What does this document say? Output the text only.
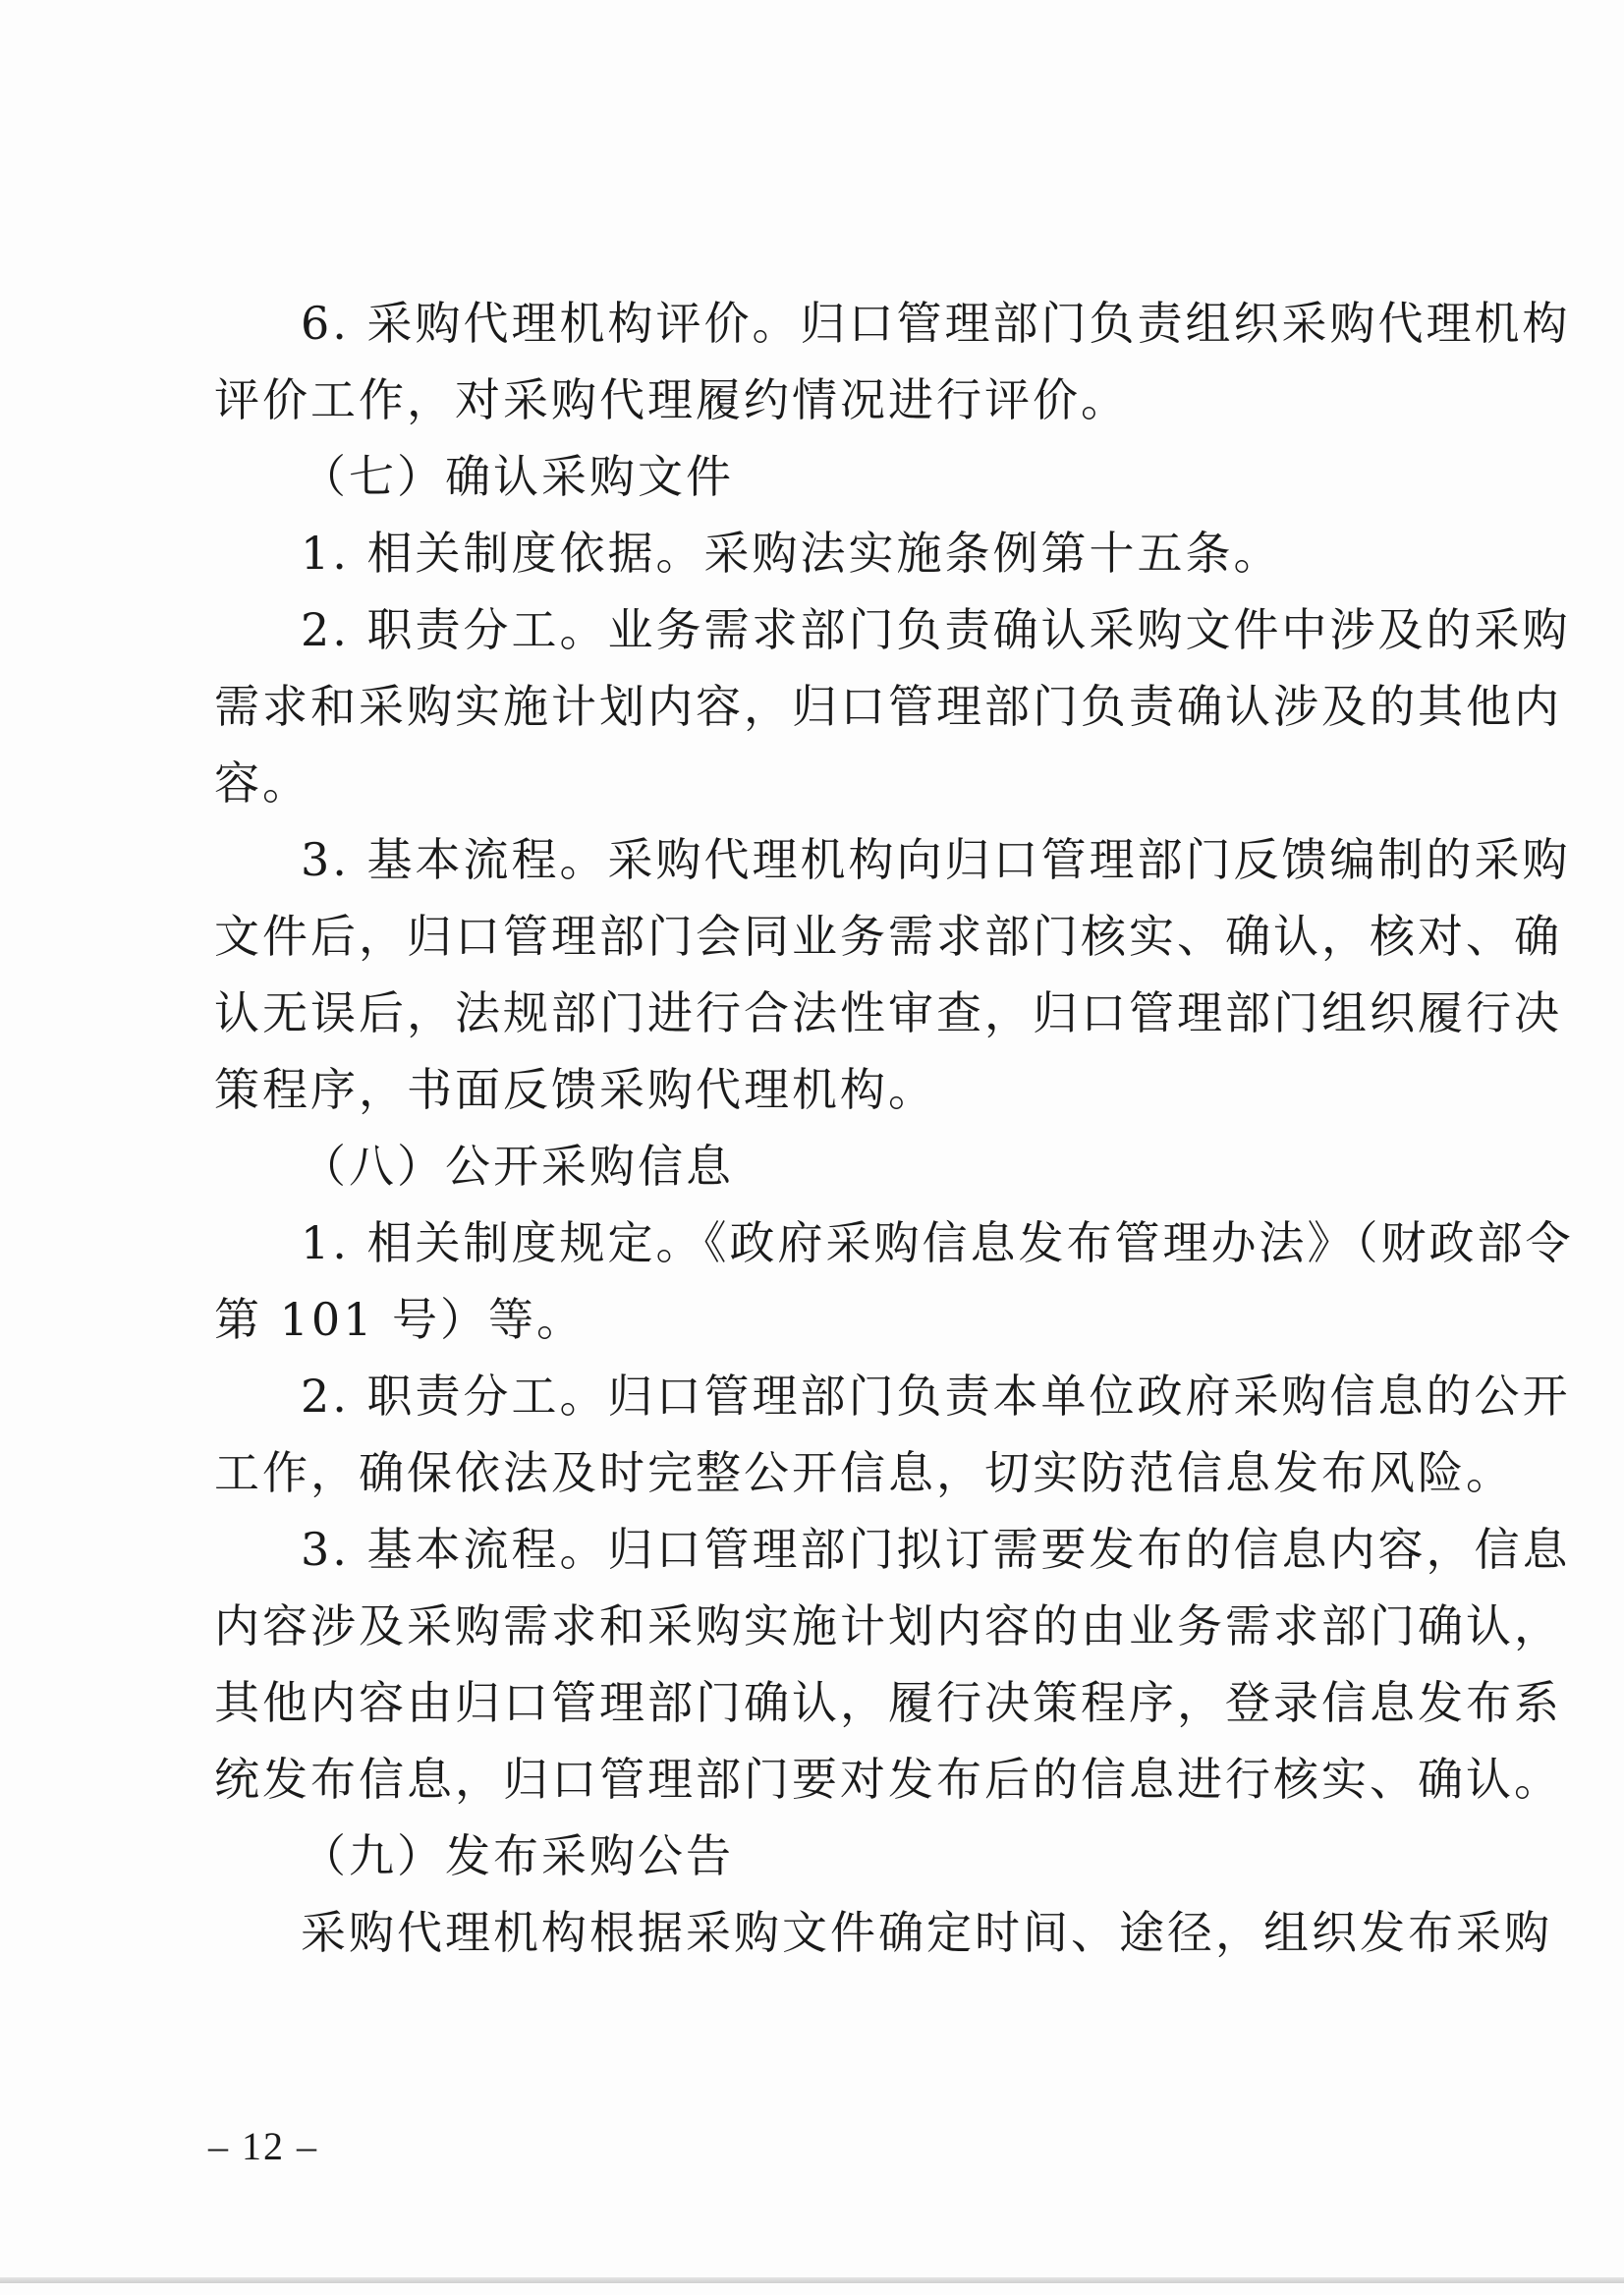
6. 采购代理机构评价。归口管理部门负责组织采购代理机构
评价工作，对采购代理履约情况进行评价。
（七）确认采购文件
1. 相关制度依据。采购法实施条例第十五条。
2. 职责分工。业务需求部门负责确认采购文件中涉及的采购
需求和采购实施计划内容，归口管理部门负责确认涉及的其他内
容。
3. 基本流程。采购代理机构向归口管理部门反馈编制的采购
文件后，归口管理部门会同业务需求部门核实、确认，核对、确
认无误后，法规部门进行合法性审查，归口管理部门组织履行决
策程序，书面反馈采购代理机构。
（八）公开采购信息
1. 相关制度规定。《政府采购信息发布管理办法》（财政部令
第 101 号）等。
2. 职责分工。归口管理部门负责本单位政府采购信息的公开
工作，确保依法及时完整公开信息，切实防范信息发布风险。
3. 基本流程。归口管理部门拟订需要发布的信息内容，信息
内容涉及采购需求和采购实施计划内容的由业务需求部门确认，
其他内容由归口管理部门确认，履行决策程序，登录信息发布系
统发布信息，归口管理部门要对发布后的信息进行核实、确认。
（九）发布采购公告
采购代理机构根据采购文件确定时间、途径，组织发布采购
– 12 –
